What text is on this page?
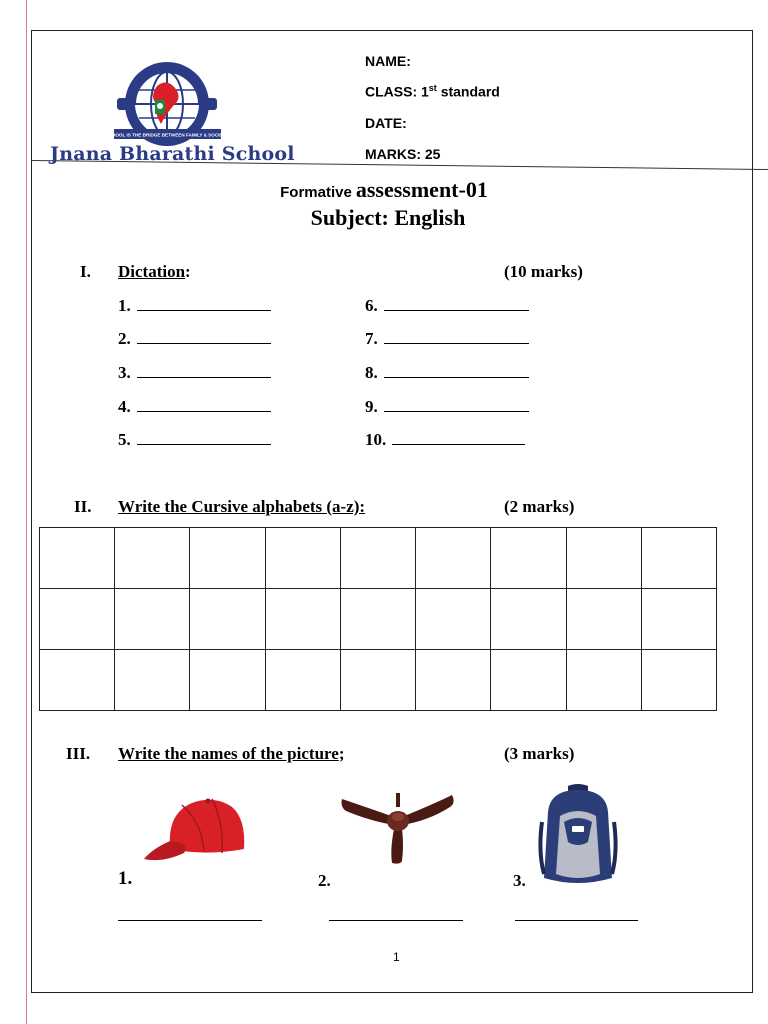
SCHOOL IS THE BRIDGE BETWEEN FAMILY & SOCIETY
Jnana Bharathi School
NAME:
CLASS: 1st standard
DATE:
MARKS: 25
Formative assessment-01
Subject: English
I. Dictation:	(10 marks)
1.
2.
3.
4.
5.
6.
7.
8.
9.
10.
II. Write the Cursive alphabets (a-z):	(2 marks)

III. Write the names of the picture;	(3 marks)
1.	2.	3.
1
